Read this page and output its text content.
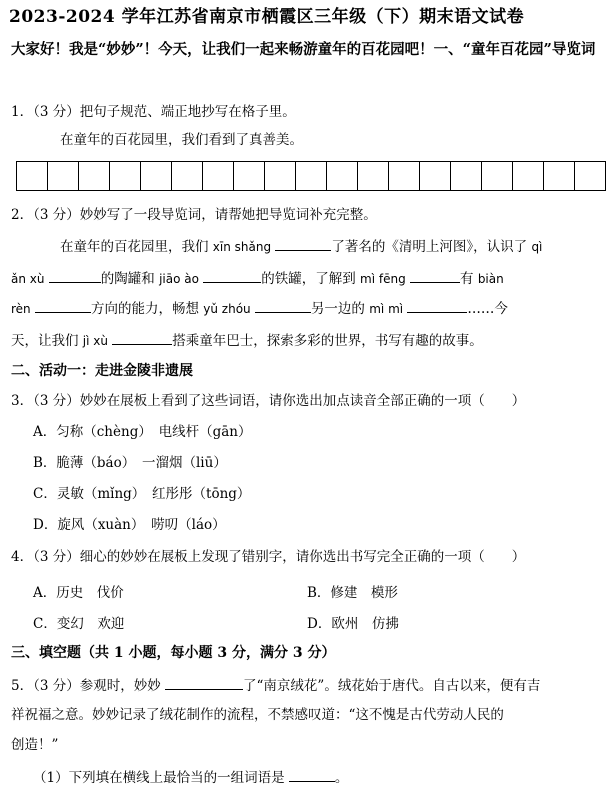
2023-2024 学年江苏省南京市栖霞区三年级（下）期末语文试卷
大家好！我是“妙妙”！今天，让我们一起来畅游童年的百花园吧！一、“童年百花园”导览词
1．（3 分）把句子规范、端正地抄写在格子里。
在童年的百花园里，我们看到了真善美。
2．（3 分）妙妙写了一段导览词，请帮她把导览词补充完整。
在童年的百花园里，我们 xīn shǎng	了著名的《清明上河图》，认识了 qì
ǎn xù	的陶罐和 jiāo ào	的铁罐，了解到 mì fēng	有 biàn
rèn	方向的能力，畅想 yǔ zhóu	另一边的 mì mì	……今
天，让我们 jì xù	搭乘童年巴士，探索多彩的世界，书写有趣的故事。
二、活动一：走进金陵非遗展
3．（3 分）妙妙在展板上看到了这些词语，请你选出加点读音全部正确的一项（　　）
A．匀称（chèng）　电线杆（gān）
B．脆薄（báo）　一溜烟（liū）
C．灵敏（mǐng）　红彤彤（tōng）
D．旋风（xuàn）　唠叨（láo）
4．（3 分）细心的妙妙在展板上发现了错别字，请你选出书写完全正确的一项（　　）
A．历史　伐价	B．修建　模形
C．变幻　欢迎	D．欧州　仿拂
三、填空题（共 1 小题，每小题 3 分，满分 3 分）
5．（3 分）参观时，妙妙	了“南京绒花”。绒花始于唐代。自古以来，便有吉
祥祝福之意。妙妙记录了绒花制作的流程，不禁感叹道：“这不愧是古代劳动人民的
创造！”
（1）下列填在横线上最恰当的一组词语是	。
